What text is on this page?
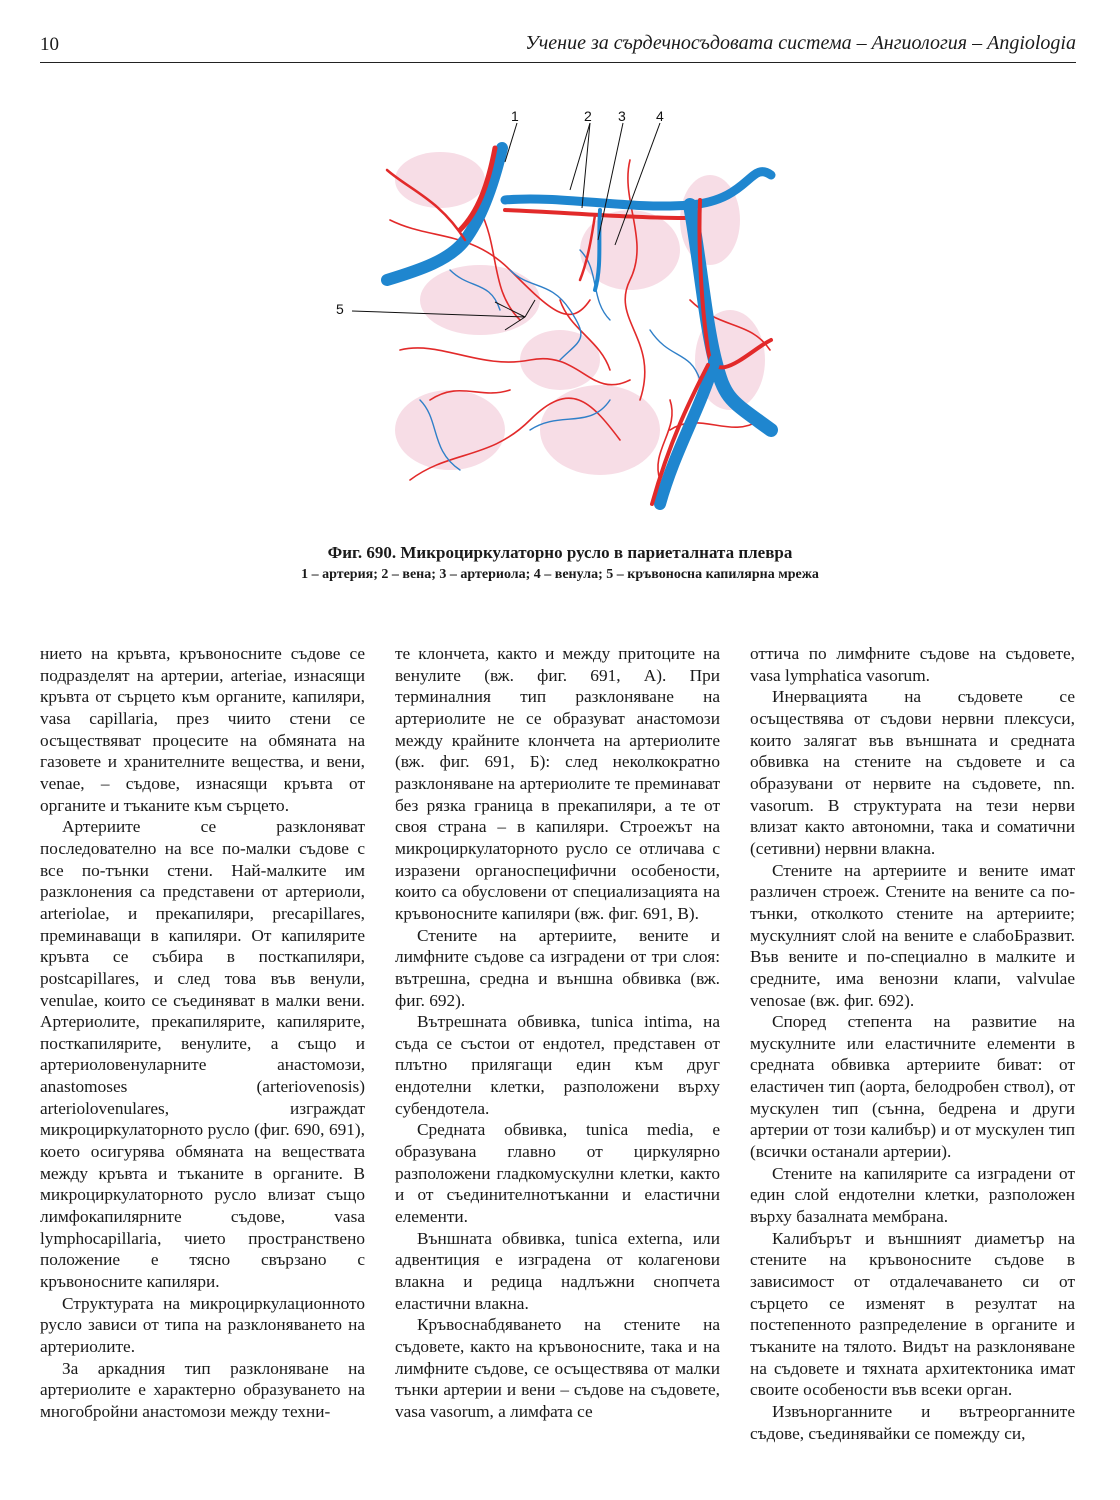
10	Учение за сърдечносъдовата система – Ангиология – Angiologia
1	2 3 4
5
Фиг. 690. Микроциркулаторно русло в париеталната плевра
1 – артерия; 2 – вена; 3 – артериола; 4 – венула; 5 – кръвоносна капилярна мрежа

нието на кръвта, кръвоносните съдове се подразделят на артерии, arteriae, изнасящи кръвта от сърцето към органите, капиляри, vasa capillaria, през чиито стени се осъществяват процесите на обмяната на газовете и хранителните вещества, и вени, venae, – съдове, изнасящи кръвта от органите и тъканите към сърцето.

Артериите се разклоняват последователно на все по-малки съдове с все по-тънки стени. Най-малките им разклонения са представени от артериоли, arteriolae, и прекапиляри, precapillares, преминаващи в капиляри. От капилярите кръвта се събира в посткапиляри, postcapillares, и след това във венули, venulae, които се съединяват в малки вени. Артериолите, прекапилярите, капилярите, посткапилярите, венулите, а също и артериоловенуларните анастомози, anastomoses (arteriovenosis) arteriolovenulares, изграждат микроциркулаторното русло (фиг. 690, 691), което осигурява обмяната на веществата между кръвта и тъканите в органите. В микроциркулаторното русло влизат също лимфокапилярните съдове, vasa lymphocapillaria, чието пространствено положение е тясно свързано с кръвоносните капиляри.

Структурата на микроциркулационното русло зависи от типа на разклоняването на артериолите.

За аркадния тип разклоняване на артериолите е характерно образуването на многобройни анастомози между техни-

те клончета, както и между притоците на венулите (вж. фиг. 691, А). При терминалния тип разклоняване на артериолите не се образуват анастомози между крайните клончета на артериолите (вж. фиг. 691, Б): след неколкократно разклоняване на артериолите те преминават без рязка граница в прекапиляри, а те от своя страна – в капиляри. Строежът на микроциркулаторното русло се отличава с изразени органоспецифични особености, които са обусловени от специализацията на кръвоносните капиляри (вж. фиг. 691, В).

Стените на артериите, вените и лимфните съдове са изградени от три слоя: вътрешна, средна и външна обвивка (вж. фиг. 692).

Вътрешната обвивка, tunica intima, на съда се състои от ендотел, представен от плътно прилягащи един към друг ендотелни клетки, разположени върху субендотела.

Средната обвивка, tunica media, е образувана главно от циркулярно разположени гладкомускулни клетки, както и от съединителнотъканни и еластични елементи.

Външната обвивка, tunica externa, или адвентиция е изградена от колагенови влакна и редица надлъжни снопчета еластични влакна.

Кръвоснабдяването на стените на съдовете, както на кръвоносните, така и на лимфните съдове, се осъществява от малки тънки артерии и вени – съдове на съдовете, vasa vasorum, а лимфата се

оттича по лимфните съдове на съдовете, vasa lymphatica vasorum.

Инервацията на съдовете се осъществява от съдови нервни плексуси, които залягат във външната и средната обвивка на стените на съдовете и са образувани от нервите на съдовете, nn. vasorum. В структурата на тези нерви влизат както автономни, така и соматични (сетивни) нервни влакна.

Стените на артериите и вените имат различен строеж. Стените на вените са по-тънки, отколкото стените на артериите; мускулният слой на вените е слабоБразвит. Във вените и по-специално в малките и средните, има венозни клапи, valvulae venosae (вж. фиг. 692).

Според степента на развитие на мускулните или еластичните елементи в средната обвивка артериите биват: от еластичен тип (аорта, белодробен ствол), от мускулен тип (сънна, бедрена и други артерии от този калибър) и от мускулен тип (всички останали артерии).

Стените на капилярите са изградени от един слой ендотелни клетки, разположен върху базалната мембрана.

Калибърът и външният диаметър на стените на кръвоносните съдове в зависимост от отдалечаването си от сърцето се изменят в резултат на постепенното разпределение в органите и тъканите на тялото. Видът на разклоняване на съдовете и тяхната архитектоника имат своите особености във всеки орган.

Извънорганните и вътреорганните съдове, съединявайки се помежду си,
